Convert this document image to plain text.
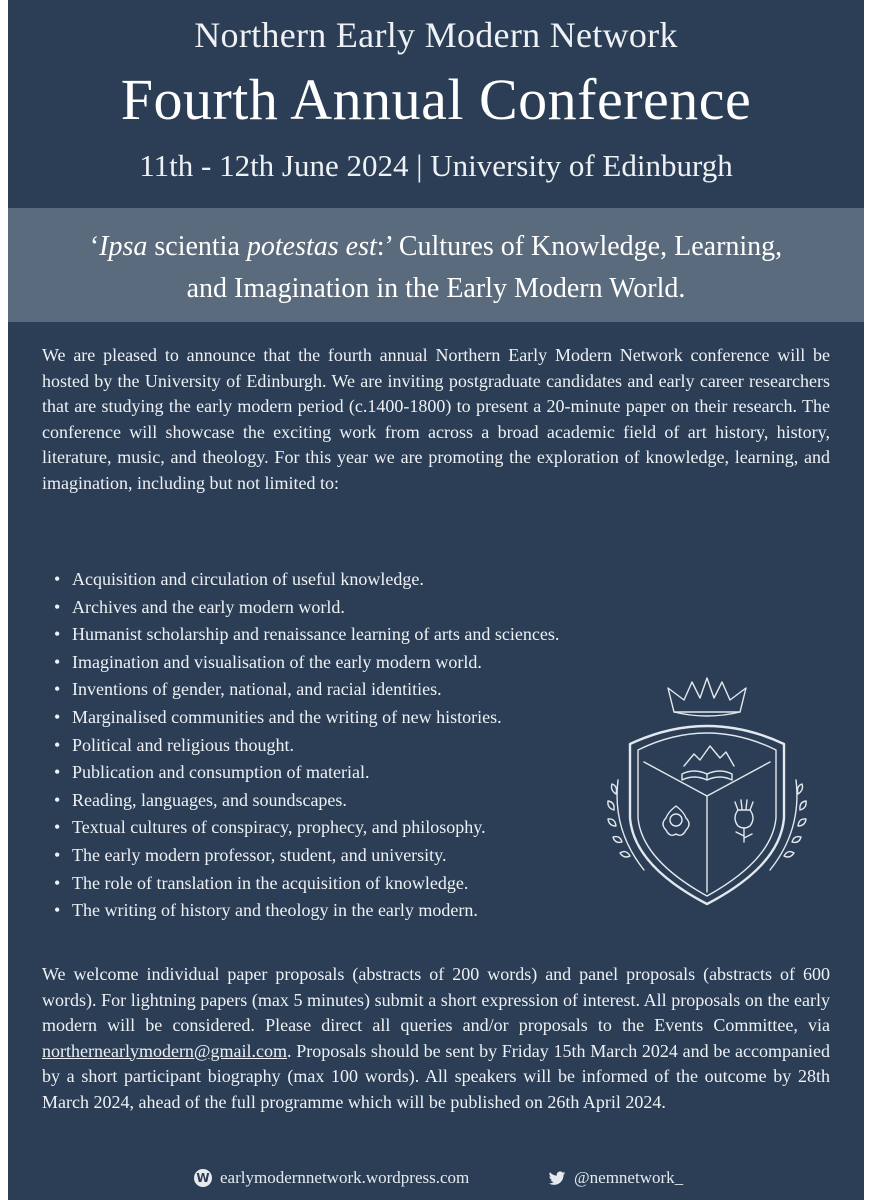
Northern Early Modern Network
Fourth Annual Conference
11th - 12th June 2024 | University of Edinburgh
‘Ipsa scientia potestas est:’ Cultures of Knowledge, Learning,
and Imagination in the Early Modern World.
We are pleased to announce that the fourth annual Northern Early Modern Network conference will be hosted by the University of Edinburgh. We are inviting postgraduate candidates and early career researchers that are studying the early modern period (c.1400-1800) to present a 20-minute paper on their research. The conference will showcase the exciting work from across a broad academic field of art history, history, literature, music, and theology. For this year we are promoting the exploration of knowledge, learning, and imagination, including but not limited to:
• Acquisition and circulation of useful knowledge.
• Archives and the early modern world.
• Humanist scholarship and renaissance learning of arts and sciences.
• Imagination and visualisation of the early modern world.
• Inventions of gender, national, and racial identities.
• Marginalised communities and the writing of new histories.
• Political and religious thought.
• Publication and consumption of material.
• Reading, languages, and soundscapes.
• Textual cultures of conspiracy, prophecy, and philosophy.
• The early modern professor, student, and university.
• The role of translation in the acquisition of knowledge.
• The writing of history and theology in the early modern.
We welcome individual paper proposals (abstracts of 200 words) and panel proposals (abstracts of 600 words). For lightning papers (max 5 minutes) submit a short expression of interest. All proposals on the early modern will be considered. Please direct all queries and/or proposals to the Events Committee, via northernearlymodern@gmail.com. Proposals should be sent by Friday 15th March 2024 and be accompanied by a short participant biography (max 100 words). All speakers will be informed of the outcome by 28th March 2024, ahead of the full programme which will be published on 26th April 2024.
W earlymodernnetwork.wordpress.com	@nemnetwork_
